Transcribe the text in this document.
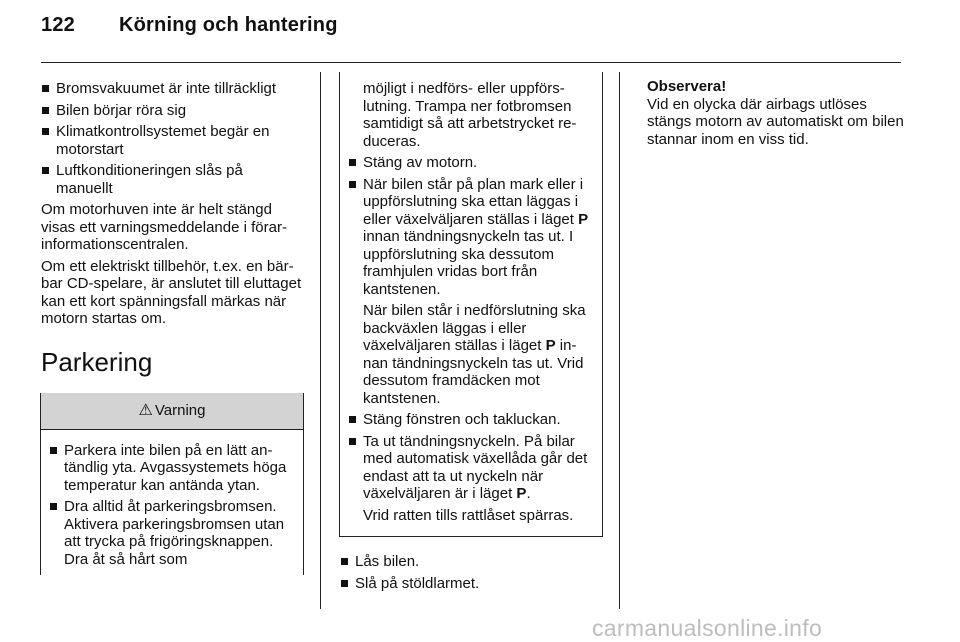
122 Körning och hantering
Bromsvakuumet är inte tillräckligt
Bilen börjar röra sig
Klimatkontrollsystemet begär en motorstart
Luftkonditioneringen slås på manuellt

Om motorhuven inte är helt stängd visas ett varningsmeddelande i förarinformationscentralen.

Om ett elektriskt tillbehör, t.ex. en bärbar CD-spelare, är anslutet till eluttaget kan ett kort spänningsfall märkas när motorn startas om.

Parkering
⚠ Varning
Parkera inte bilen på en lätt antändlig yta. Avgassystemets höga temperatur kan antända ytan.
Dra alltid åt parkeringsbromsen. Aktivera parkeringsbromsen utan att trycka på frigöringsknappen. Dra åt så hårt som
möjligt i nedförs- eller uppförslutning. Trampa ner fotbromsen samtidigt så att arbetstrycket reduceras.
Stäng av motorn.
När bilen står på plan mark eller i uppförslutning ska ettan läggas i eller växelväljaren ställas i läget P innan tändningsnyckeln tas ut. I uppförslutning ska dessutom framhjulen vridas bort från kantstenen.
När bilen står i nedförslutning ska backväxlen läggas i eller växelväljaren ställas i läget P innan tändningsnyckeln tas ut. Vrid dessutom framdäcken mot kantstenen.
Stäng fönstren och takluckan.
Ta ut tändningsnyckeln. På bilar med automatisk växellåda går det endast att ta ut nyckeln när växelväljaren är i läget P.
Vrid ratten tills rattlåset spärras.
Lås bilen.
Slå på stöldlarmet.
Observera!
Vid en olycka där airbags utlöses stängs motorn av automatiskt om bilen stannar inom en viss tid.
carmanualsonline.info
